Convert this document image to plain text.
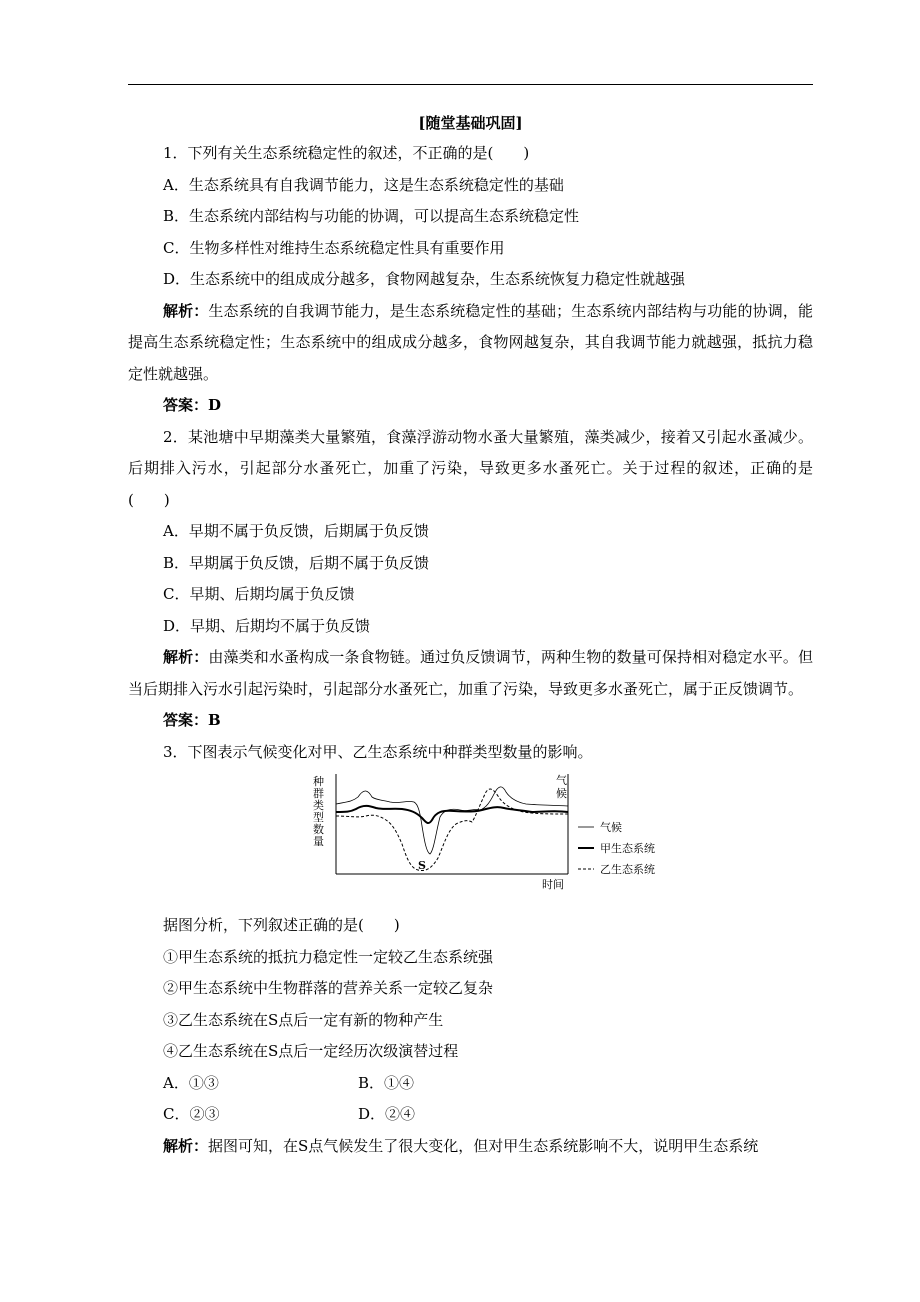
[随堂基础巩固]
1．下列有关生态系统稳定性的叙述，不正确的是(　　)
A．生态系统具有自我调节能力，这是生态系统稳定性的基础
B．生态系统内部结构与功能的协调，可以提高生态系统稳定性
C．生物多样性对维持生态系统稳定性具有重要作用
D．生态系统中的组成成分越多，食物网越复杂，生态系统恢复力稳定性就越强
解析：生态系统的自我调节能力，是生态系统稳定性的基础；生态系统内部结构与功能的协调，能提高生态系统稳定性；生态系统中的组成成分越多，食物网越复杂，其自我调节能力就越强，抵抗力稳定性就越强。
答案：D
2．某池塘中早期藻类大量繁殖，食藻浮游动物水蚤大量繁殖，藻类减少，接着又引起水蚤减少。后期排入污水，引起部分水蚤死亡，加重了污染，导致更多水蚤死亡。关于过程的叙述，正确的是(　　)
A．早期不属于负反馈，后期属于负反馈
B．早期属于负反馈，后期不属于负反馈
C．早期、后期均属于负反馈
D．早期、后期均不属于负反馈
解析：由藻类和水蚤构成一条食物链。通过负反馈调节，两种生物的数量可保持相对稳定水平。但当后期排入污水引起污染时，引起部分水蚤死亡，加重了污染，导致更多水蚤死亡，属于正反馈调节。
答案：B
3．下图表示气候变化对甲、乙生态系统中种群类型数量的影响。
种群类型数量
气候
时间
S
气候
甲生态系统
乙生态系统
据图分析，下列叙述正确的是(　　)
①甲生态系统的抵抗力稳定性一定较乙生态系统强
②甲生态系统中生物群落的营养关系一定较乙复杂
③乙生态系统在S点后一定有新的物种产生
④乙生态系统在S点后一定经历次级演替过程
A．①③	B．①④
C．②③	D．②④
解析：据图可知，在S点气候发生了很大变化，但对甲生态系统影响不大，说明甲生态系统
